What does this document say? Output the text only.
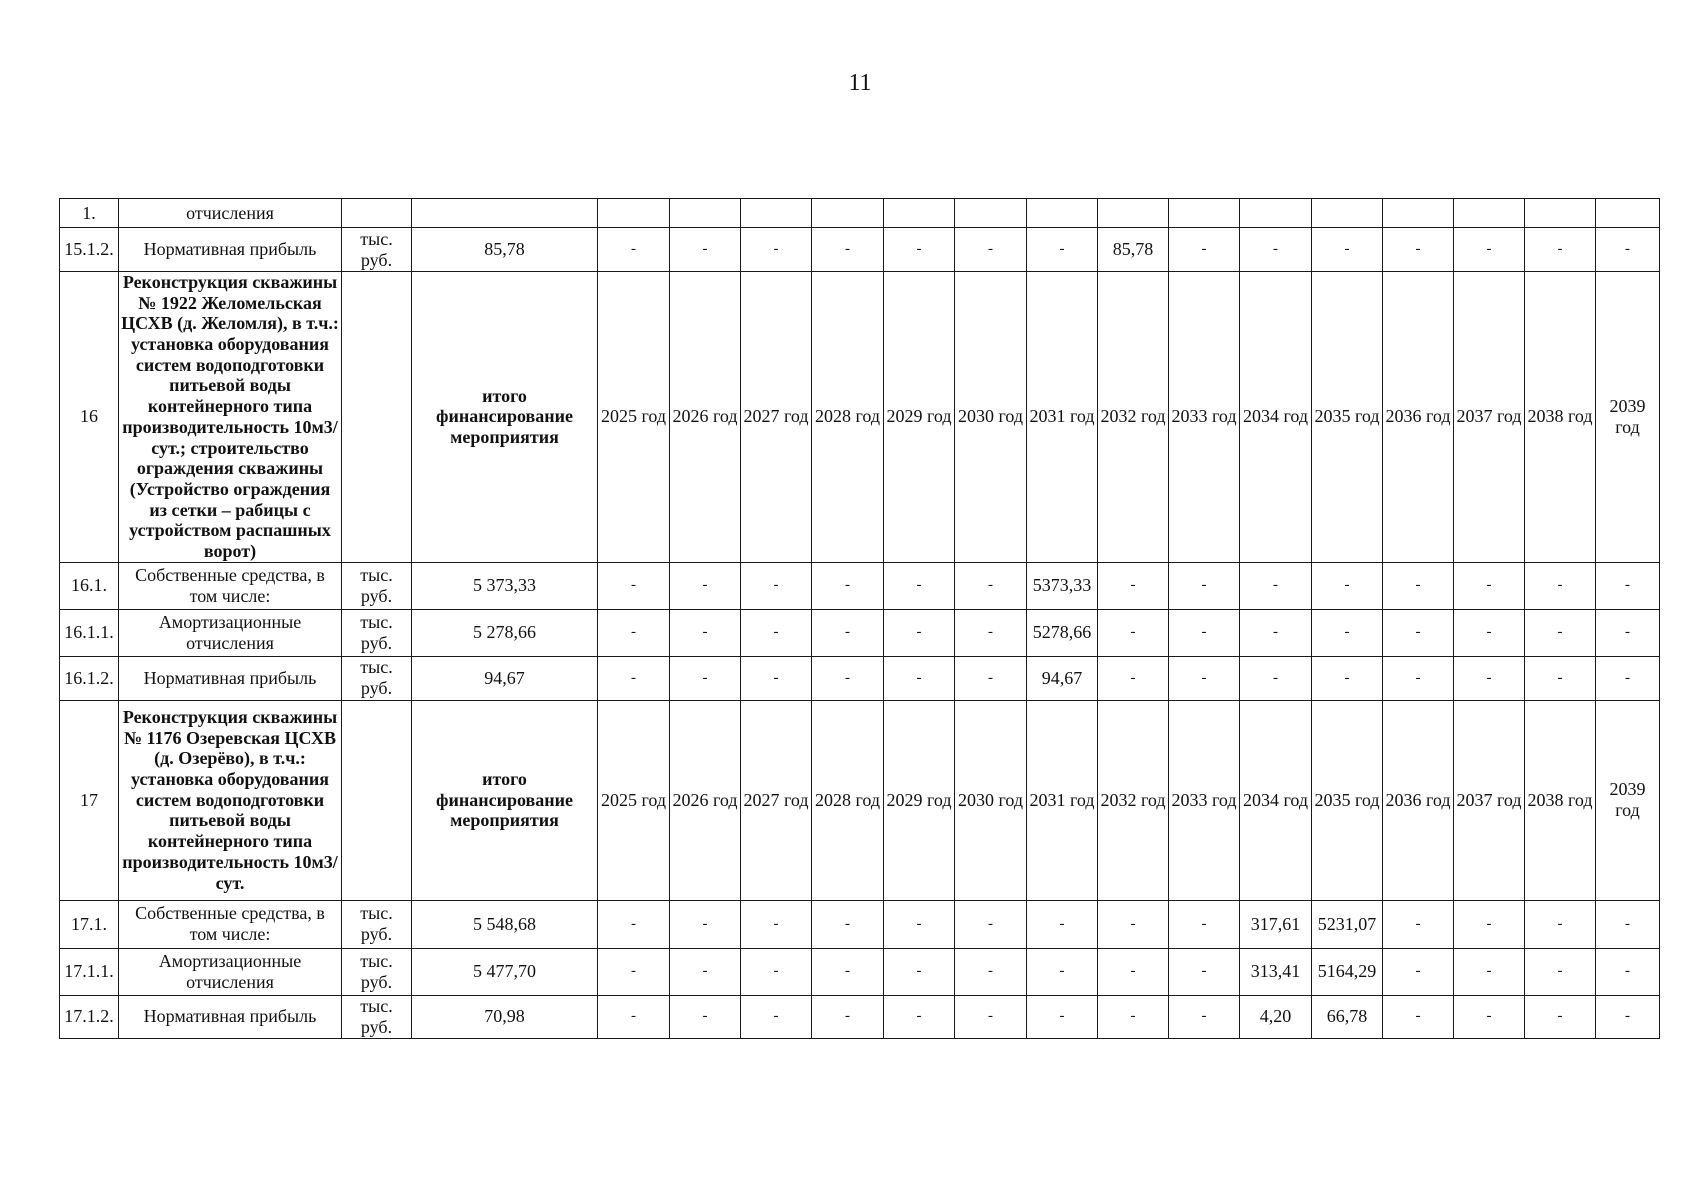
11
1.	отчисления																		
15.1.2.	Нормативная прибыль	тыс. руб.	85,78	-	-	-	-	-	-	-	85,78	-	-	-	-	-	-	-	
16	Реконструкция скважины № 1922 Желомельская ЦСХВ (д. Желомля), в т.ч.: установка оборудования систем водоподготовки питьевой воды контейнерного типа производительность 10м3/сут.; строительство ограждения скважины (Устройство ограждения из сетки – рабицы с устройством распашных ворот)		итого финансирование мероприятия	2025 год	2026 год	2027 год	2028 год	2029 год	2030 год	2031 год	2032 год	2033 год	2034 год	2035 год	2036 год	2037 год	2038 год	2039 год	
16.1.	Собственные средства, в том числе:	тыс. руб.	5 373,33	-	-	-	-	-	-	5373,33	-	-	-	-	-	-	-	-	
16.1.1.	Амортизационные отчисления	тыс. руб.	5 278,66	-	-	-	-	-	-	5278,66	-	-	-	-	-	-	-	-	
16.1.2.	Нормативная прибыль	тыс. руб.	94,67	-	-	-	-	-	-	94,67	-	-	-	-	-	-	-	-	
17	Реконструкция скважины № 1176 Озеревская ЦСХВ (д. Озерёво), в т.ч.: установка оборудования систем водоподготовки питьевой воды контейнерного типа производительность 10м3/сут.		итого финансирование мероприятия	2025 год	2026 год	2027 год	2028 год	2029 год	2030 год	2031 год	2032 год	2033 год	2034 год	2035 год	2036 год	2037 год	2038 год	2039 год	
17.1.	Собственные средства, в том числе:	тыс. руб.	5 548,68	-	-	-	-	-	-	-	-	-	317,61	5231,07	-	-	-	-	
17.1.1.	Амортизационные отчисления	тыс. руб.	5 477,70	-	-	-	-	-	-	-	-	-	313,41	5164,29	-	-	-	-	
17.1.2.	Нормативная прибыль	тыс. руб.	70,98	-	-	-	-	-	-	-	-	-	4,20	66,78	-	-	-	-	
